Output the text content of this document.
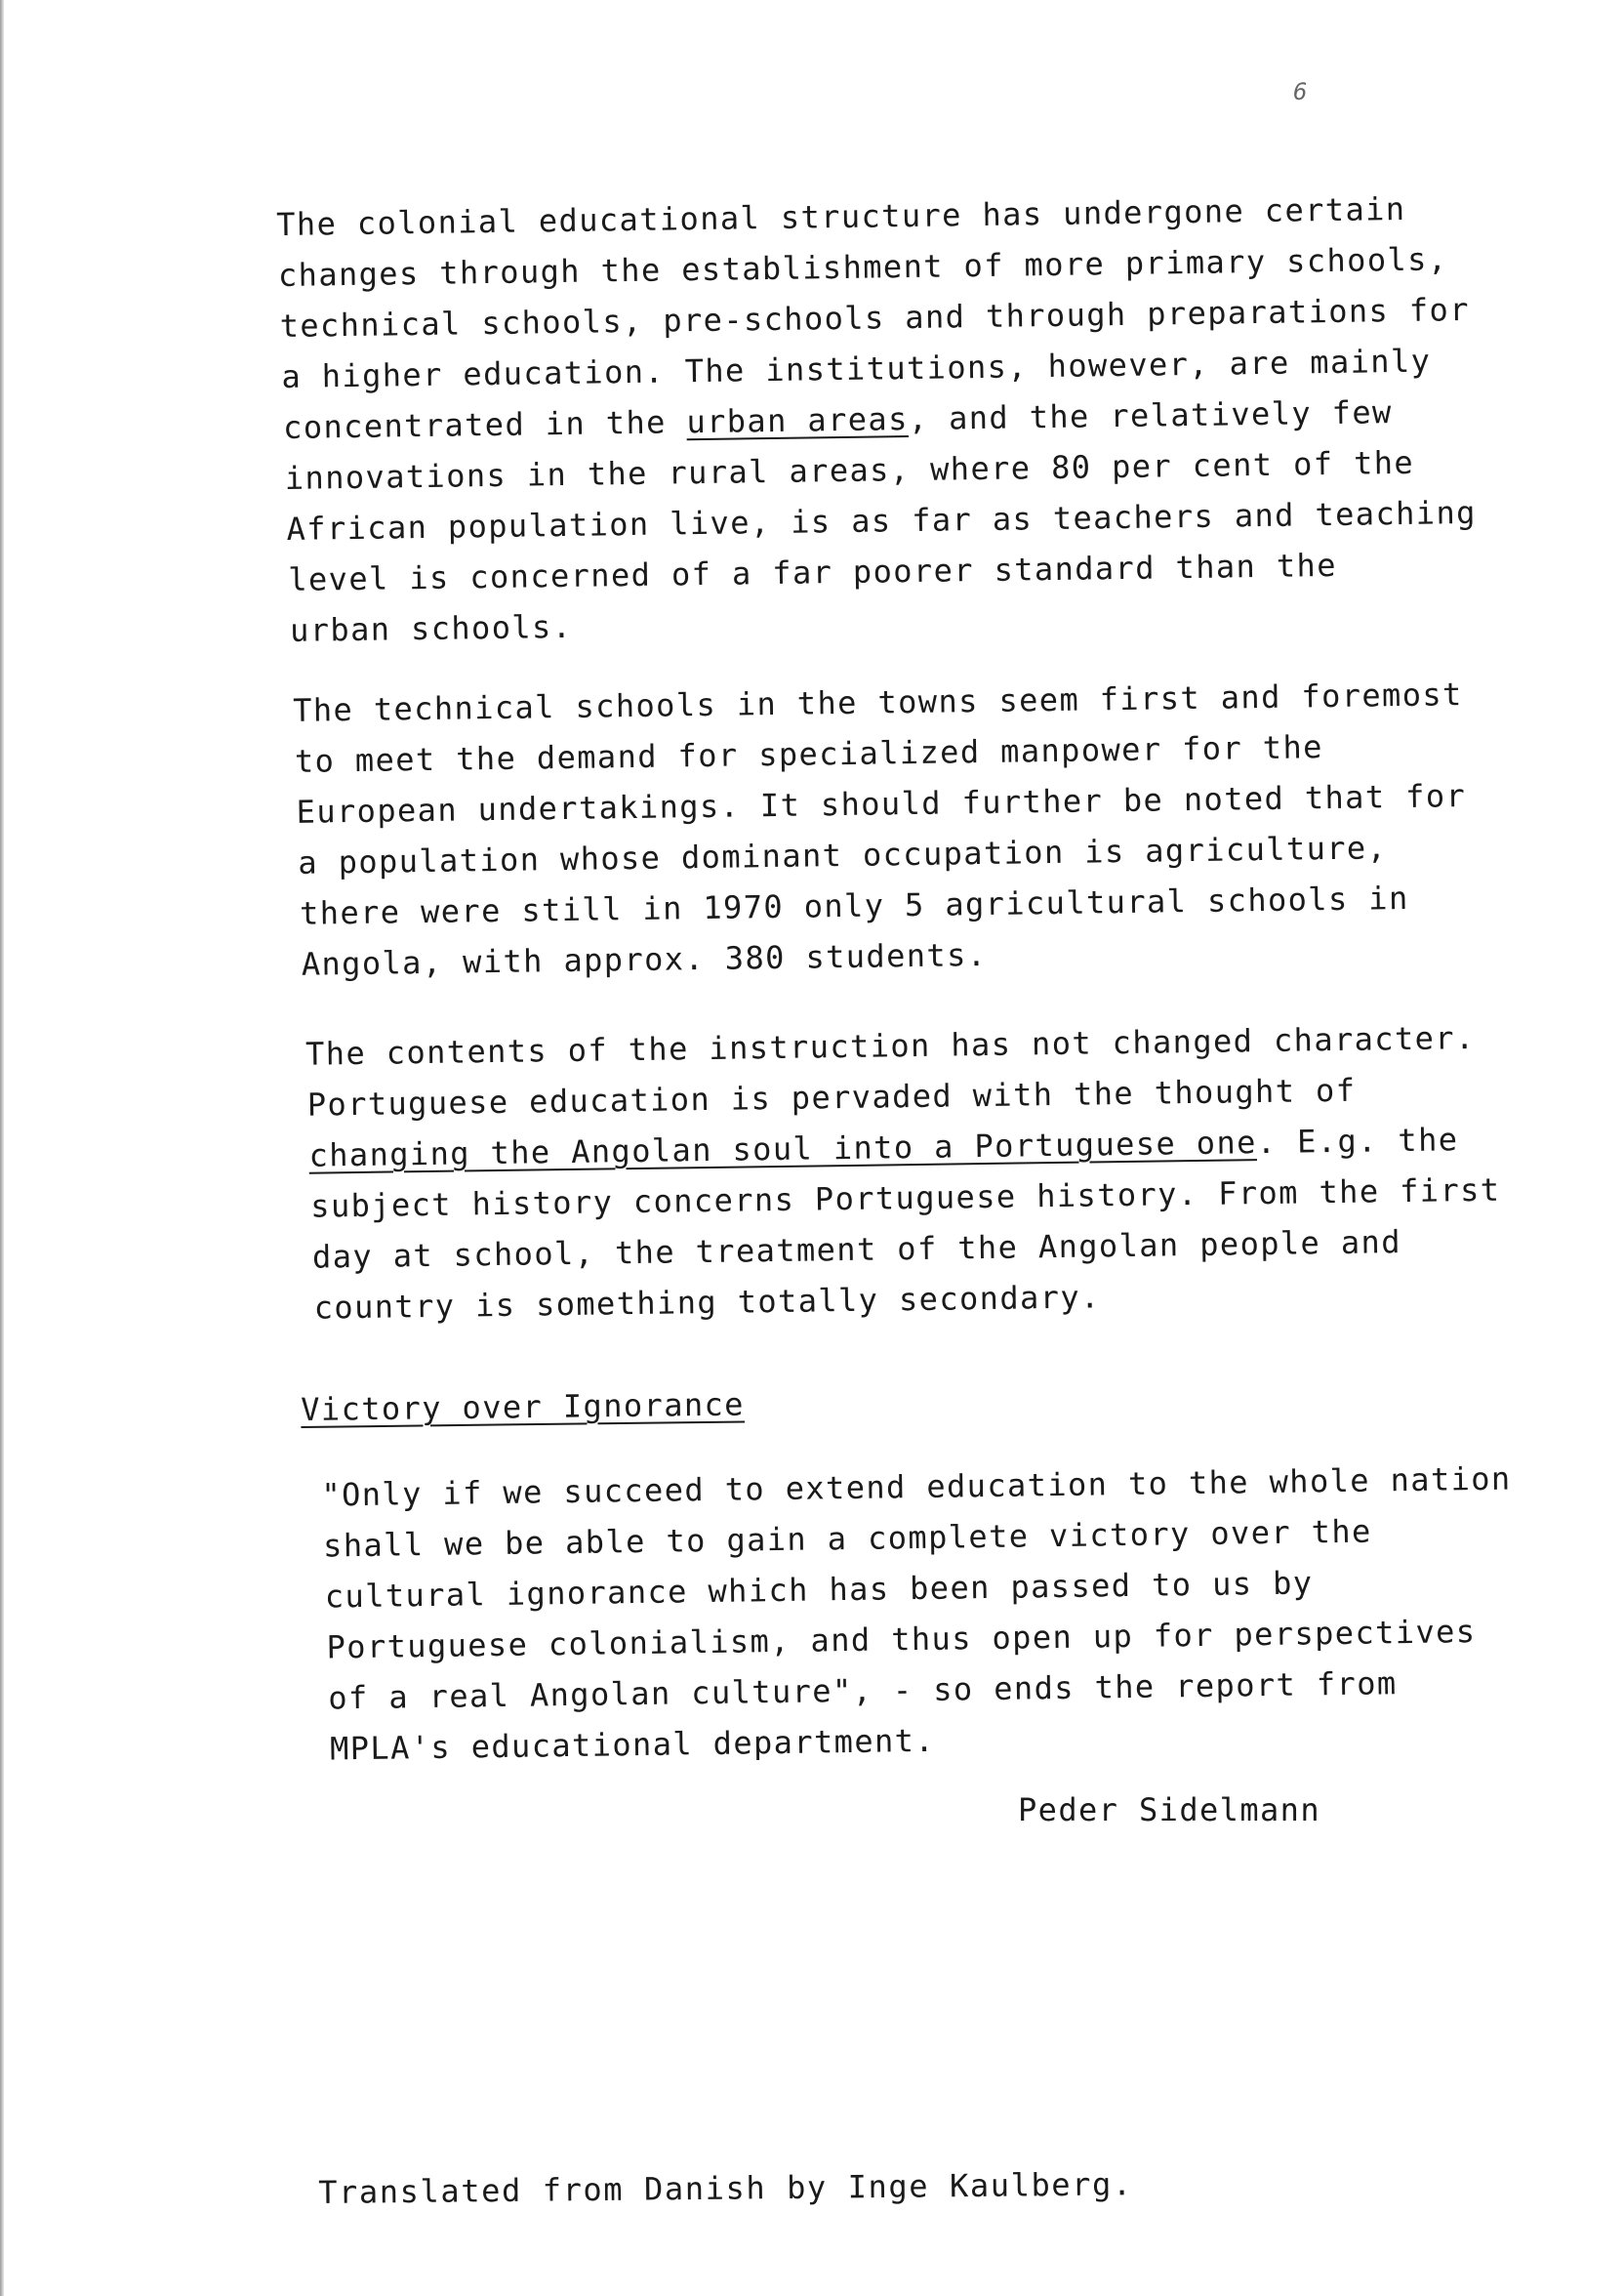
6
The colonial educational structure has undergone certain
changes through the establishment of more primary schools,
technical schools, pre-schools and through preparations for
a higher education. The institutions, however, are mainly
concentrated in the urban areas, and the relatively few
innovations in the rural areas, where 80 per cent of the
African population live, is as far as teachers and teaching
level is concerned of a far poorer standard than the
urban schools.
The technical schools in the towns seem first and foremost
to meet the demand for specialized manpower for the
European undertakings. It should further be noted that for
a population whose dominant occupation is agriculture,
there were still in 1970 only 5 agricultural schools in
Angola, with approx. 380 students.
The contents of the instruction has not changed character.
Portuguese education is pervaded with the thought of
changing the Angolan soul into a Portuguese one. E.g. the
subject history concerns Portuguese history. From the first
day at school, the treatment of the Angolan people and
country is something totally secondary.
Victory over Ignorance
"Only if we succeed to extend education to the whole nation
shall we be able to gain a complete victory over the
cultural ignorance which has been passed to us by
Portuguese colonialism, and thus open up for perspectives
of a real Angolan culture", - so ends the report from
MPLA's educational department.
Peder Sidelmann
Translated from Danish by Inge Kaulberg.
